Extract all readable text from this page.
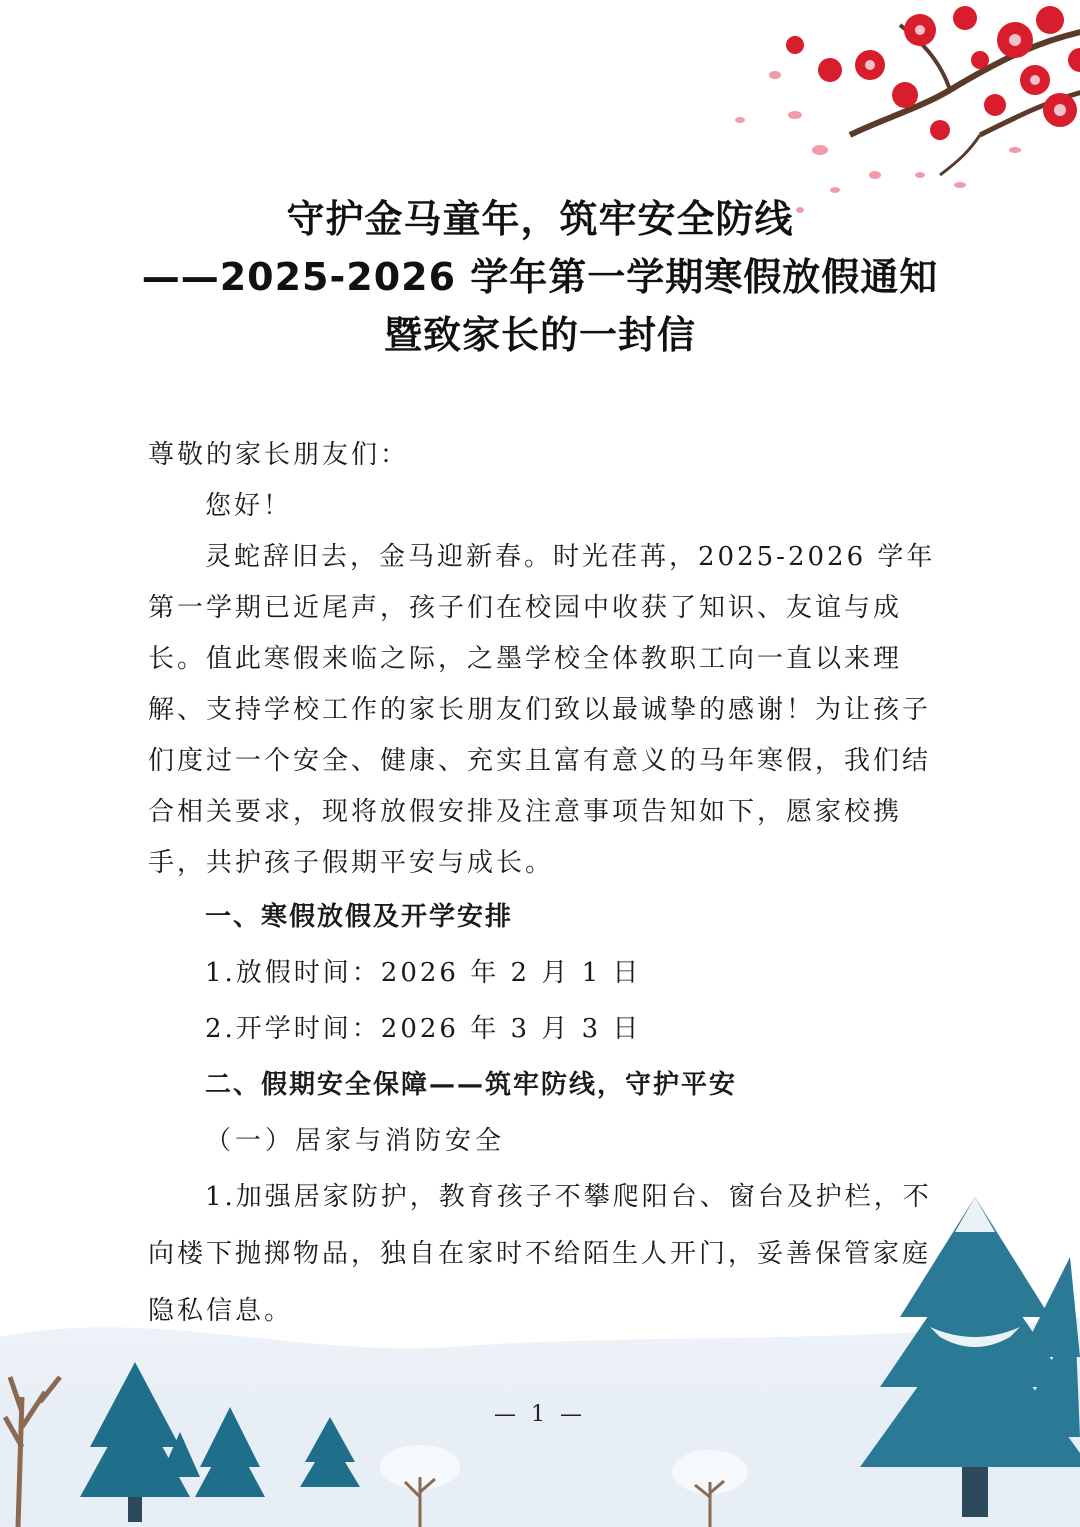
守护金马童年，筑牢安全防线
——2025-2026 学年第一学期寒假放假通知
暨致家长的一封信

尊敬的家长朋友们：

您好！

灵蛇辞旧去，金马迎新春。时光荏苒，2025-2026 学年第一学期已近尾声，孩子们在校园中收获了知识、友谊与成长。值此寒假来临之际，之墨学校全体教职工向一直以来理解、支持学校工作的家长朋友们致以最诚挚的感谢！为让孩子们度过一个安全、健康、充实且富有意义的马年寒假，我们结合相关要求，现将放假安排及注意事项告知如下，愿家校携手，共护孩子假期平安与成长。

一、寒假放假及开学安排

1.放假时间：2026 年 2 月 1 日

2.开学时间：2026 年 3 月 3 日

二、假期安全保障——筑牢防线，守护平安

（一）居家与消防安全

1.加强居家防护，教育孩子不攀爬阳台、窗台及护栏，不向楼下抛掷物品，独自在家时不给陌生人开门，妥善保管家庭隐私信息。

— 1 —
